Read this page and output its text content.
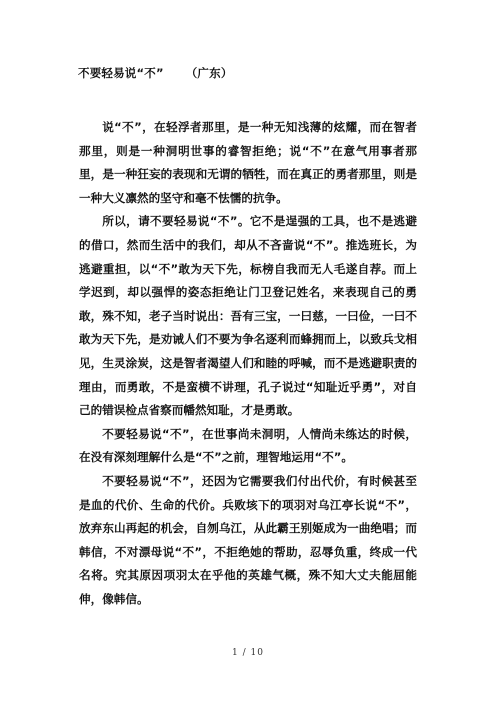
不要轻易说“不” （广东）

说“不”，在轻浮者那里，是一种无知浅薄的炫耀，而在智者那里，则是一种洞明世事的睿智拒绝；说“不”在意气用事者那里，是一种狂妄的表现和无谓的牺牲，而在真正的勇者那里，则是一种大义凛然的坚守和毫不怯懦的抗争。

所以，请不要轻易说“不”。它不是逞强的工具，也不是逃避的借口，然而生活中的我们，却从不吝啬说“不”。推选班长，为逃避重担，以“不”敢为天下先，标榜自我而无人毛遂自荐。而上学迟到，却以强悍的姿态拒绝让门卫登记姓名，来表现自己的勇敢，殊不知，老子当时说出：吾有三宝，一曰慈，一曰俭，一曰不敢为天下先，是劝诫人们不要为争名逐利而蜂拥而上，以致兵戈相见，生灵涂炭，这是智者渴望人们和睦的呼喊，而不是逃避职责的理由，而勇敢，不是蛮横不讲理，孔子说过“知耻近乎勇”，对自己的错误检点省察而幡然知耻，才是勇敢。

不要轻易说“不”，在世事尚未洞明，人情尚未练达的时候，在没有深刻理解什么是“不”之前，理智地运用“不”。

不要轻易说“不”，还因为它需要我们付出代价，有时候甚至是血的代价、生命的代价。兵败垓下的项羽对乌江亭长说“不”，放弃东山再起的机会，自刎乌江，从此霸王别姬成为一曲绝唱；而韩信，不对漂母说“不”，不拒绝她的帮助，忍辱负重，终成一代名将。究其原因项羽太在乎他的英雄气概，殊不知大丈夫能屈能伸，像韩信。

1 / 10
